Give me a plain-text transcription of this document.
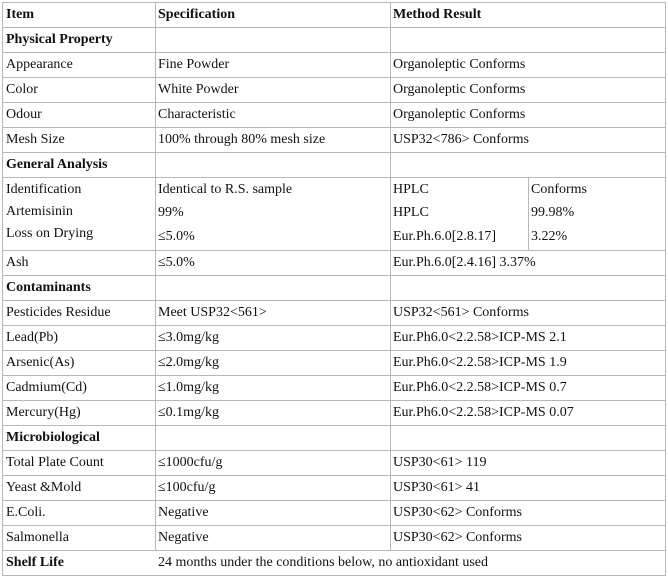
Item	Specification	Method Result
Physical Property
Appearance	Fine Powder	Organoleptic Conforms
Color	White Powder	Organoleptic Conforms
Odour	Characteristic	Organoleptic Conforms
Mesh Size	100% through 80% mesh size	USP32<786> Conforms
General Analysis
Identification	Identical to R.S. sample	HPLC	Conforms
Artemisinin	99%	HPLC	99.98%
Loss on Drying	≤5.0%	Eur.Ph.6.0[2.8.17] 3.22%
Ash	≤5.0%	Eur.Ph.6.0[2.4.16] 3.37%
Contaminants
Pesticides Residue	Meet USP32<561>	USP32<561> Conforms
Lead(Pb)	≤3.0mg/kg	Eur.Ph6.0<2.2.58>ICP-MS 2.1
Arsenic(As)	≤2.0mg/kg	Eur.Ph6.0<2.2.58>ICP-MS 1.9
Cadmium(Cd)	≤1.0mg/kg	Eur.Ph6.0<2.2.58>ICP-MS 0.7
Mercury(Hg)	≤0.1mg/kg	Eur.Ph6.0<2.2.58>ICP-MS 0.07
Microbiological
Total Plate Count	≤1000cfu/g	USP30<61> 119
Yeast &Mold	≤100cfu/g	USP30<61> 41
E.Coli.	Negative	USP30<62> Conforms
Salmonella	Negative	USP30<62> Conforms
Shelf Life	24 months under the conditions below, no antioxidant used
